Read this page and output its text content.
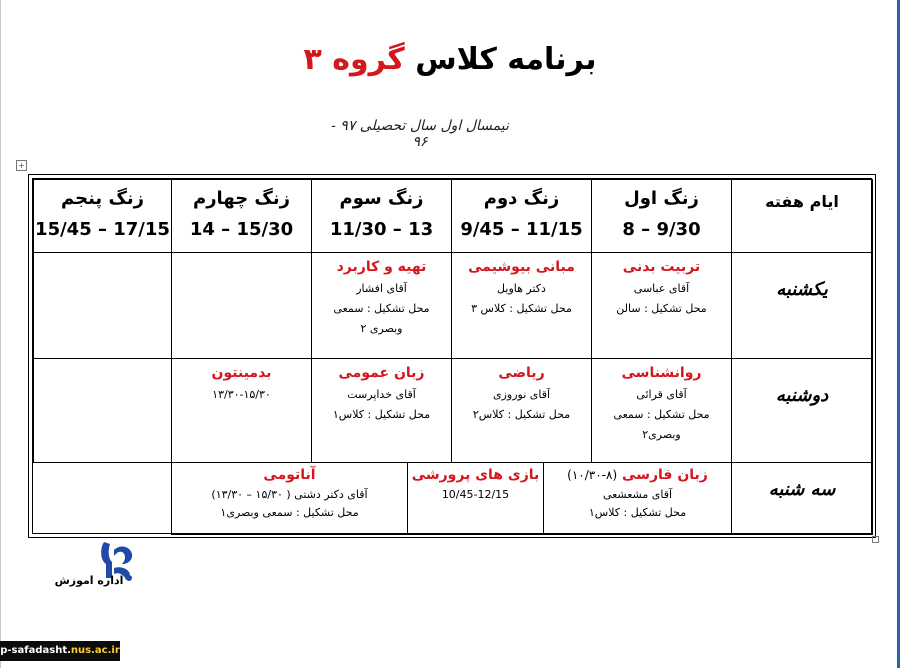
برنامه کلاس گروه ۳
نیمسال اول سال تحصیلی ۹۷ - ۹۶
+
ایام هفته
زنگ اول
8 – 9/30
زنگ دوم
9/45 – 11/15
زنگ سوم
11/30 – 13
زنگ چهارم
14 – 15/30
زنگ پنجم
15/45 – 17/15
یکشنبه
تربیت بدنی
آقای عباسی
محل تشکیل : سالن
مبانی بیوشیمی
دکتر هاویل
محل تشکیل : کلاس ۳
تهیه و کاربرد
آقای افشار
محل تشکیل : سمعی
وبصری ۲
دوشنبه
روانشناسی
آقای قرائی
محل تشکیل : سمعی
وبصری۲
ریاضی
آقای نوروزی
محل تشکیل : کلاس۲
زبان عمومی
آقای خداپرست
محل تشکیل : کلاس۱
بدمینتون
۱۳/۳۰-۱۵/۳۰
سه شنبه
زبان فارسی (۸-۱۰/۳۰)
آقای مشعشعی
محل تشکیل : کلاس۱
بازی های پرورشی
10/45-12/15
آناتومی
آقای دکتر دشتی ( ۱۵/۳۰ – ۱۳/۳۰)
محل تشکیل : سمعی وبصری۱
اداره اموزش
p-safadasht.nus.ac.ir
